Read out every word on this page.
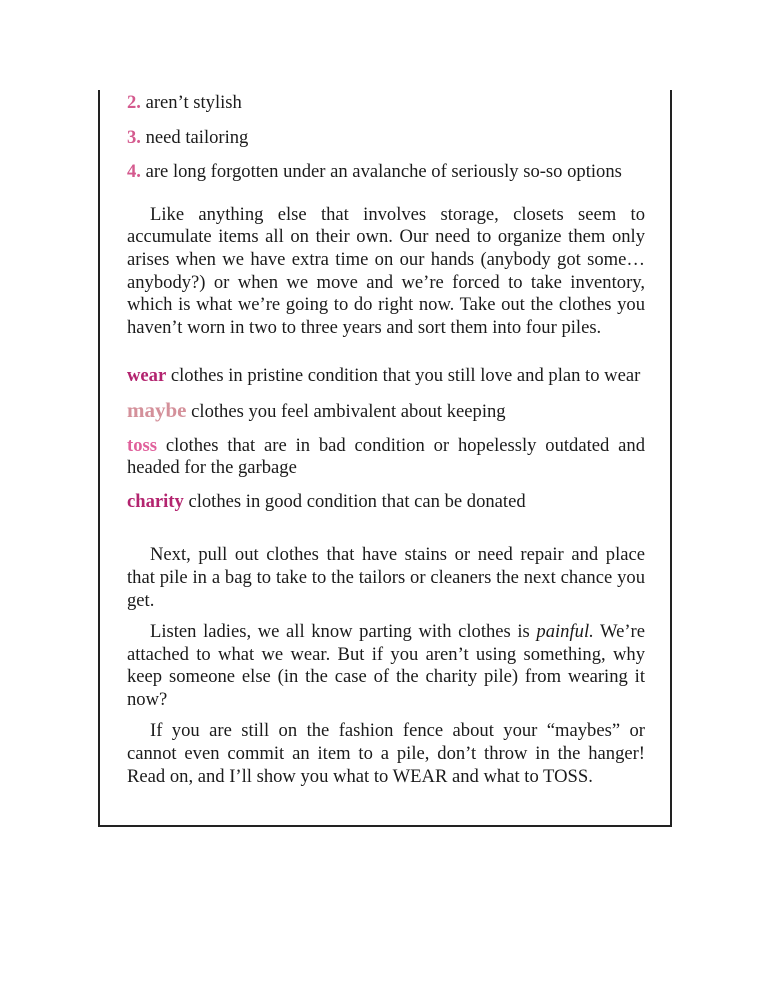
2. aren’t stylish
3. need tailoring
4. are long forgotten under an avalanche of seriously so-so options

Like anything else that involves storage, closets seem to accumulate items all on their own. Our need to organize them only arises when we have extra time on our hands (anybody got some… anybody?) or when we move and we’re forced to take inventory, which is what we’re going to do right now. Take out the clothes you haven’t worn in two to three years and sort them into four piles.

wear clothes in pristine condition that you still love and plan to wear

maybe clothes you feel ambivalent about keeping

toss clothes that are in bad condition or hopelessly outdated and headed for the garbage

charity clothes in good condition that can be donated

Next, pull out clothes that have stains or need repair and place that pile in a bag to take to the tailors or cleaners the next chance you get.

Listen ladies, we all know parting with clothes is painful. We’re attached to what we wear. But if you aren’t using something, why keep someone else (in the case of the charity pile) from wearing it now?

If you are still on the fashion fence about your “maybes” or cannot even commit an item to a pile, don’t throw in the hanger! Read on, and I’ll show you what to WEAR and what to TOSS.
